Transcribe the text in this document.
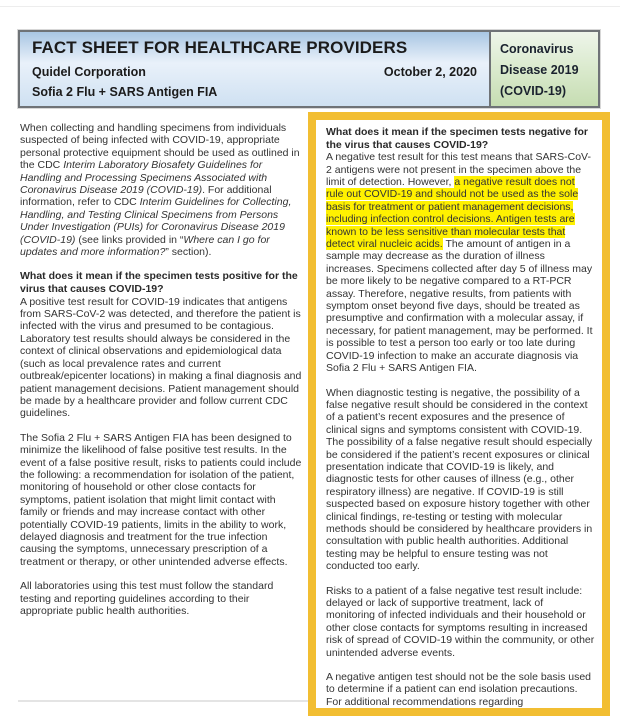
FACT SHEET FOR HEALTHCARE PROVIDERS
Quidel Corporation	October 2, 2020
Sofia 2 Flu + SARS Antigen FIA
Coronavirus
Disease 2019
(COVID-19)

When collecting and handling specimens from individuals suspected of being infected with COVID-19, appropriate personal protective equipment should be used as outlined in the CDC Interim Laboratory Biosafety Guidelines for Handling and Processing Specimens Associated with Coronavirus Disease 2019 (COVID-19). For additional information, refer to CDC Interim Guidelines for Collecting, Handling, and Testing Clinical Specimens from Persons Under Investigation (PUIs) for Coronavirus Disease 2019 (COVID-19) (see links provided in “Where can I go for updates and more information?” section).

What does it mean if the specimen tests positive for the virus that causes COVID-19?

A positive test result for COVID-19 indicates that antigens from SARS-CoV-2 was detected, and therefore the patient is infected with the virus and presumed to be contagious. Laboratory test results should always be considered in the context of clinical observations and epidemiological data (such as local prevalence rates and current outbreak/epicenter locations) in making a final diagnosis and patient management decisions. Patient management should be made by a healthcare provider and follow current CDC guidelines.

The Sofia 2 Flu + SARS Antigen FIA has been designed to minimize the likelihood of false positive test results. In the event of a false positive result, risks to patients could include the following: a recommendation for isolation of the patient, monitoring of household or other close contacts for symptoms, patient isolation that might limit contact with family or friends and may increase contact with other potentially COVID-19 patients, limits in the ability to work, delayed diagnosis and treatment for the true infection causing the symptoms, unnecessary prescription of a treatment or therapy, or other unintended adverse effects.

All laboratories using this test must follow the standard testing and reporting guidelines according to their appropriate public health authorities.

What does it mean if the specimen tests negative for the virus that causes COVID-19?

A negative test result for this test means that SARS-CoV-2 antigens were not present in the specimen above the limit of detection. However, a negative result does not rule out COVID-19 and should not be used as the sole basis for treatment or patient management decisions, including infection control decisions. Antigen tests are known to be less sensitive than molecular tests that detect viral nucleic acids. The amount of antigen in a sample may decrease as the duration of illness increases. Specimens collected after day 5 of illness may be more likely to be negative compared to a RT-PCR assay. Therefore, negative results, from patients with symptom onset beyond five days, should be treated as presumptive and confirmation with a molecular assay, if necessary, for patient management, may be performed. It is possible to test a person too early or too late during COVID-19 infection to make an accurate diagnosis via Sofia 2 Flu + SARS Antigen FIA.

When diagnostic testing is negative, the possibility of a false negative result should be considered in the context of a patient’s recent exposures and the presence of clinical signs and symptoms consistent with COVID-19. The possibility of a false negative result should especially be considered if the patient’s recent exposures or clinical presentation indicate that COVID-19 is likely, and diagnostic tests for other causes of illness (e.g., other respiratory illness) are negative. If COVID-19 is still suspected based on exposure history together with other clinical findings, re-testing or testing with molecular methods should be considered by healthcare providers in consultation with public health authorities. Additional testing may be helpful to ensure testing was not conducted too early.

Risks to a patient of a false negative test result include: delayed or lack of supportive treatment, lack of monitoring of infected individuals and their household or other close contacts for symptoms resulting in increased risk of spread of COVID-19 within the community, or other unintended adverse events.

A negative antigen test should not be the sole basis used to determine if a patient can end isolation precautions. For additional recommendations regarding
